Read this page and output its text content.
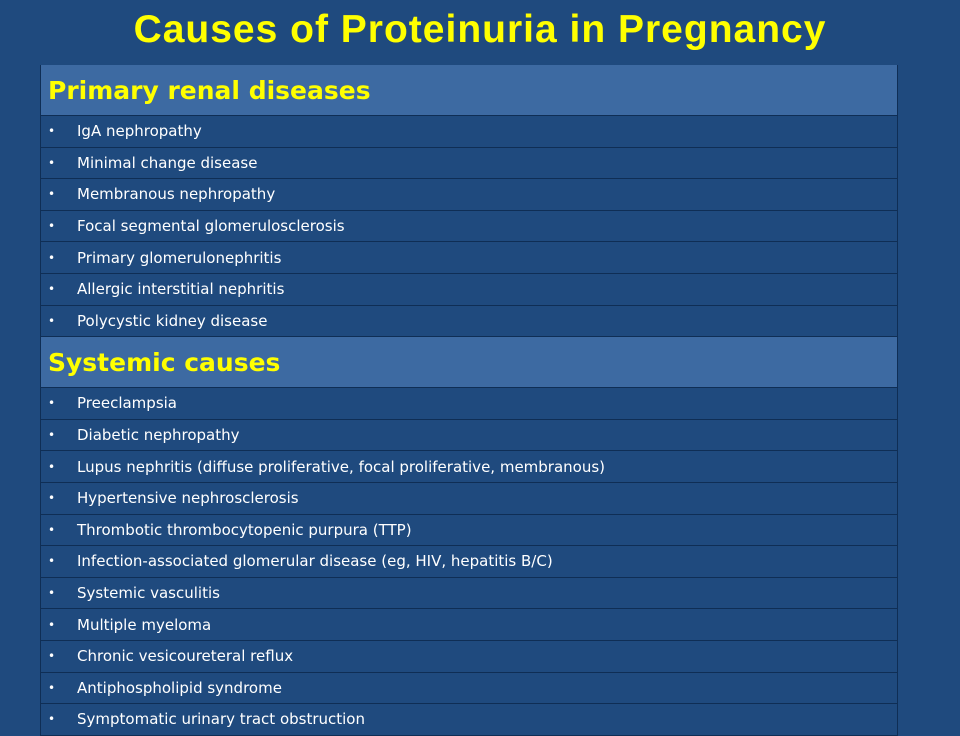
Causes of Proteinuria in Pregnancy
Primary renal diseases
•	IgA nephropathy
•	Minimal change disease
•	Membranous nephropathy
•	Focal segmental glomerulosclerosis
•	Primary glomerulonephritis
•	Allergic interstitial nephritis
•	Polycystic kidney disease
Systemic causes
•	Preeclampsia
•	Diabetic nephropathy
•	Lupus nephritis (diffuse proliferative, focal proliferative, membranous)
•	Hypertensive nephrosclerosis
•	Thrombotic thrombocytopenic purpura (TTP)
•	Infection-associated glomerular disease (eg, HIV, hepatitis B/C)
•	Systemic vasculitis
•	Multiple myeloma
•	Chronic vesicoureteral reflux
•	Antiphospholipid syndrome
•	Symptomatic urinary tract obstruction
